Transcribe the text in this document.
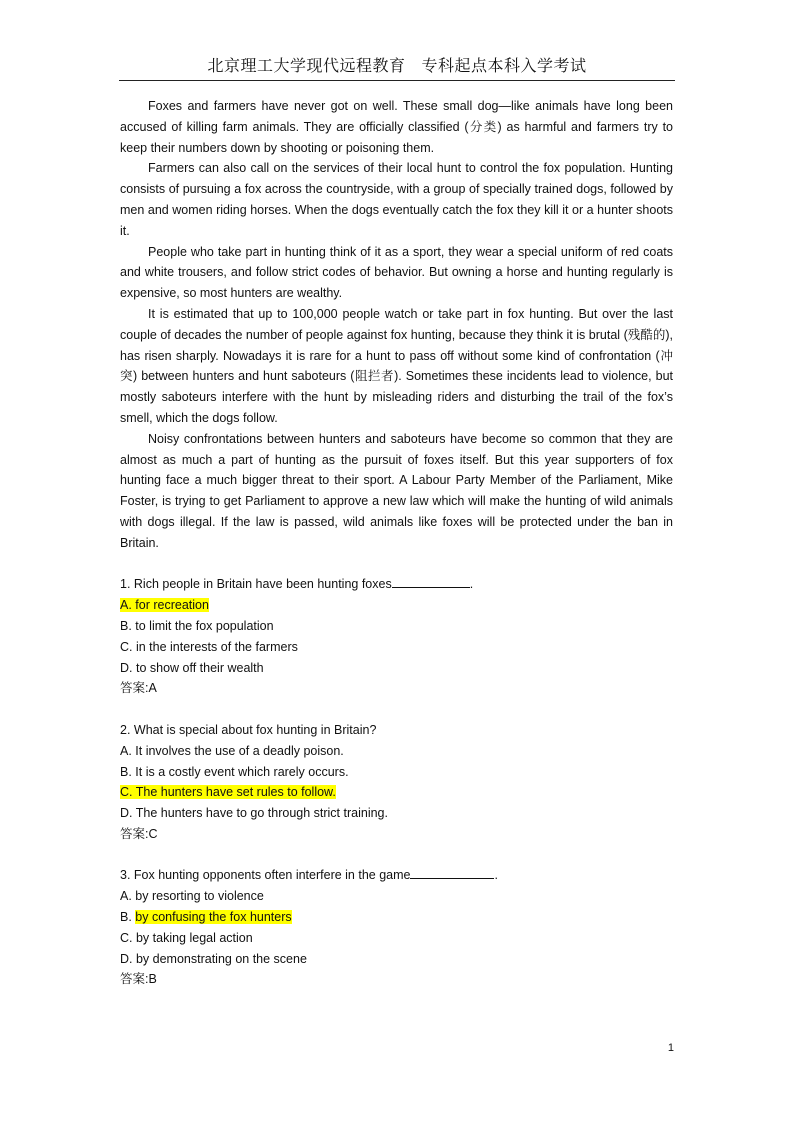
北京理工大学现代远程教育 专科起点本科入学考试

Foxes and farmers have never got on well. These small dog—like animals have long been accused of killing farm animals. They are officially classified (分类) as harmful and farmers try to keep their numbers down by shooting or poisoning them.

Farmers can also call on the services of their local hunt to control the fox population. Hunting consists of pursuing a fox across the countryside, with a group of specially trained dogs, followed by men and women riding horses. When the dogs eventually catch the fox they kill it or a hunter shoots it.

People who take part in hunting think of it as a sport, they wear a special uniform of red coats and white trousers, and follow strict codes of behavior. But owning a horse and hunting regularly is expensive, so most hunters are wealthy.

It is estimated that up to 100,000 people watch or take part in fox hunting. But over the last couple of decades the number of people against fox hunting, because they think it is brutal (残酷的), has risen sharply. Nowadays it is rare for a hunt to pass off without some kind of confrontation (冲突) between hunters and hunt saboteurs (阻拦者). Sometimes these incidents lead to violence, but mostly saboteurs interfere with the hunt by misleading riders and disturbing the trail of the fox’s smell, which the dogs follow.

Noisy confrontations between hunters and saboteurs have become so common that they are almost as much a part of hunting as the pursuit of foxes itself. But this year supporters of fox hunting face a much bigger threat to their sport. A Labour Party Member of the Parliament, Mike Foster, is trying to get Parliament to approve a new law which will make the hunting of wild animals with dogs illegal. If the law is passed, wild animals like foxes will be protected under the ban in Britain.

1. Rich people in Britain have been hunting foxes	.

A. for recreation

B. to limit the fox population

C. in the interests of the farmers

D. to show off their wealth

答案:A

2. What is special about fox hunting in Britain?

A. It involves the use of a deadly poison.

B. It is a costly event which rarely occurs.

C. The hunters have set rules to follow.

D. The hunters have to go through strict training.

答案:C

3. Fox hunting opponents often interfere in the game	.

A. by resorting to violence

B. by confusing the fox hunters

C. by taking legal action

D. by demonstrating on the scene

答案:B

1
